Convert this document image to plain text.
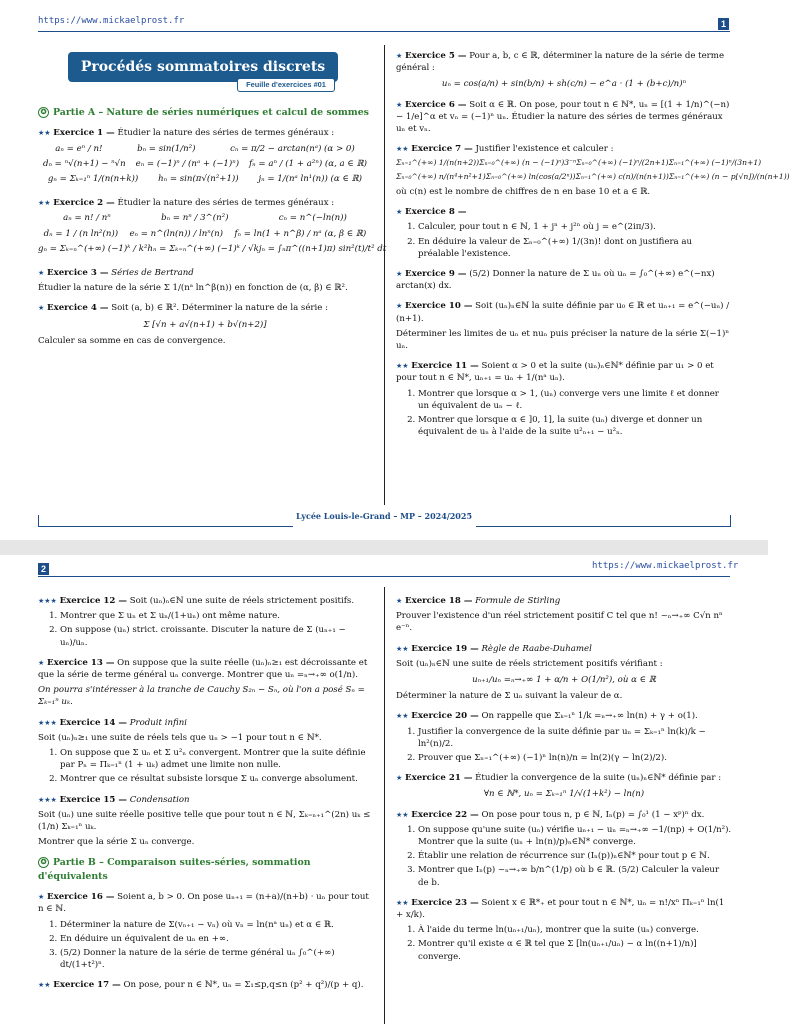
https://www.mickaelprost.fr	1
Procédés sommatoires discrets
Feuille d'exercices #01
✪ Partie A – Nature de séries numériques et calcul de sommes

★★ Exercice 1 — Étudier la nature des séries de termes généraux :

aₙ = eⁿ / n!	bₙ = sin(1/n²)	cₙ = π/2 − arctan(nᵃ) (α > 0)
dₙ = ⁿ√(n+1) − ⁿ√n eₙ = (−1)ⁿ / (nᵃ + (−1)ⁿ) fₙ = aⁿ / (1 + a²ⁿ) (α, a ∈ ℝ)
gₙ = Σₖ₌₁ⁿ 1/(n(n+k)) hₙ = sin(π√(n²+1)) jₙ = 1/(nᵃ ln¹(n)) (α ∈ ℝ)

★★ Exercice 2 — Étudier la nature des séries de termes généraux :

aₙ = n! / nⁿ	bₙ = nⁿ / 3^(n²)	cₙ = n^(−ln(n))
dₙ = 1 / (n ln²(n)) eₙ = n^(ln(n)) / lnⁿ(n) fₙ = ln(1 + n^β) / nᵃ (α, β ∈ ℝ)
gₙ = Σₖ₌ₙ^(+∞) (−1)ᵏ / k² hₙ = Σₖ₌ₙ^(+∞) (−1)ᵏ / √k jₙ = ∫ₙπ^((n+1)π) sin²(t)/t² dt

★ Exercice 3 — Séries de Bertrand

Étudier la nature de la série Σ 1/(nᵃ ln^β(n)) en fonction de (α, β) ∈ ℝ².

★ Exercice 4 — Soit (a, b) ∈ ℝ². Déterminer la nature de la série :

Σ [√n + a√(n+1) + b√(n+2)]

Calculer sa somme en cas de convergence.

★ Exercice 5 — Pour a, b, c ∈ ℝ, déterminer la nature de la série de terme général :

uₙ = cos(a/n) + sin(b/n) + sh(c/n) − e^a · (1 + (b+c)/n)ⁿ

★ Exercice 6 — Soit α ∈ ℝ. On pose, pour tout n ∈ ℕ*, uₙ = [(1 + 1/n)^(−n) − 1/e]^α et vₙ = (−1)ⁿ uₙ. Étudier la nature des séries de termes généraux uₙ et vₙ.

★★ Exercice 7 — Justifier l'existence et calculer :

Σₙ₌₁^(+∞) 1/(n(n+2)) Σₙ₌₀^(+∞) (n − (−1)ⁿ)3⁻ⁿ Σₙ₌₀^(+∞) (−1)ⁿ/(2n+1) Σₙ₌₁^(+∞) (−1)ⁿ/(3n+1)
Σₙ₌₀^(+∞) n/(n⁴+n²+1) Σₙ₌₀^(+∞) ln(cos(a/2ⁿ)) Σₙ₌₁^(+∞) c(n)/(n(n+1)) Σₙ₌₁^(+∞) (n − p⌊√n⌋)/(n(n+1))

où c(n) est le nombre de chiffres de n en base 10 et a ∈ ℝ.

★ Exercice 8 —

1. Calculer, pour tout n ∈ ℕ, 1 + jⁿ + j²ⁿ où j = e^(2iπ/3).
2. En déduire la valeur de Σₙ₌₀^(+∞) 1/(3n)! dont on justifiera au préalable l'existence.

★ Exercice 9 — (5/2) Donner la nature de Σ uₙ où uₙ = ∫₀^(+∞) e^(−nx) arctan(x) dx.

★ Exercice 10 — Soit (uₙ)ₙ∈ℕ la suite définie par u₀ ∈ ℝ et uₙ₊₁ = e^(−uₙ) / (n+1).

Déterminer les limites de uₙ et nuₙ puis préciser la nature de la série Σ(−1)ⁿ uₙ.

★★ Exercice 11 — Soient α > 0 et la suite (uₙ)ₙ∈ℕ* définie par u₁ > 0 et pour tout n ∈ ℕ*, uₙ₊₁ = uₙ + 1/(nᵃ uₙ).

1. Montrer que lorsque α > 1, (uₙ) converge vers une limite ℓ et donner un équivalent de uₙ − ℓ.
2. Montrer que lorsque α ∈ ]0, 1], la suite (uₙ) diverge et donner un équivalent de uₙ à l'aide de la suite u²ₙ₊₁ − u²ₙ.
Lycée Louis-le-Grand – MP – 2024/2025
2	https://www.mickaelprost.fr

★★★ Exercice 12 — Soit (uₙ)ₙ∈ℕ une suite de réels strictement positifs.

1. Montrer que Σ uₙ et Σ uₙ/(1+uₙ) ont même nature.
2. On suppose (uₙ) strict. croissante. Discuter la nature de Σ (uₙ₊₁ − uₙ)/uₙ.

★ Exercice 13 — On suppose que la suite réelle (uₙ)ₙ≥₁ est décroissante et que la série de terme général uₙ converge. Montrer que uₙ =ₙ→₊∞ o(1/n).

On pourra s'intéresser à la tranche de Cauchy S₂ₙ − Sₙ, où l'on a posé Sₙ = Σₖ₌₁ⁿ uₖ.

★★★ Exercice 14 — Produit infini

Soit (uₙ)ₙ≥₁ une suite de réels tels que uₙ > −1 pour tout n ∈ ℕ*.

1. On suppose que Σ uₙ et Σ u²ₙ convergent. Montrer que la suite définie par Pₙ = Πₖ₌₁ⁿ (1 + uₖ) admet une limite non nulle.
2. Montrer que ce résultat subsiste lorsque Σ uₙ converge absolument.

★★★ Exercice 15 — Condensation

Soit (uₙ) une suite réelle positive telle que pour tout n ∈ ℕ, Σₖ₌ₙ₊₁^(2n) uₖ ≤ (1/n) Σₖ₌₁ⁿ uₖ.

Montrer que la série Σ uₙ converge.

✪ Partie B – Comparaison suites-séries, sommation d'équivalents

★ Exercice 16 — Soient a, b > 0. On pose uₙ₊₁ = (n+a)/(n+b) · uₙ pour tout n ∈ ℕ.

1. Déterminer la nature de Σ(vₙ₊₁ − vₙ) où vₙ = ln(nᵃ uₙ) et α ∈ ℝ.
2. En déduire un équivalent de uₙ en +∞.
3. (5/2) Donner la nature de la série de terme général uₙ ∫₀^(+∞) dt/(1+t²)ⁿ.

★★ Exercice 17 — On pose, pour n ∈ ℕ*, uₙ = Σ₁≤p,q≤n (p² + q²)/(p + q).

★ Exercice 18 — Formule de Stirling

Prouver l'existence d'un réel strictement positif C tel que n! ~ₙ→₊∞ C√n nⁿ e⁻ⁿ.

★★ Exercice 19 — Règle de Raabe-Duhamel

Soit (uₙ)ₙ∈ℕ une suite de réels strictement positifs vérifiant :

uₙ₊₁/uₙ =ₙ→₊∞ 1 + α/n + O(1/n²), où α ∈ ℝ

Déterminer la nature de Σ uₙ suivant la valeur de α.

★★ Exercice 20 — On rappelle que Σₖ₌₁ⁿ 1/k =ₙ→₊∞ ln(n) + γ + o(1).

1. Justifier la convergence de la suite définie par uₙ = Σₖ₌₁ⁿ ln(k)/k − ln²(n)/2.
2. Prouver que Σₙ₌₁^(+∞) (−1)ⁿ ln(n)/n = ln(2)(γ − ln(2)/2).

★ Exercice 21 — Étudier la convergence de la suite (uₙ)ₙ∈ℕ* définie par :

∀n ∈ ℕ*, uₙ = Σₖ₌₁ⁿ 1/√(1+k²) − ln(n)

★★ Exercice 22 — On pose pour tous n, p ∈ ℕ, Iₙ(p) = ∫₀¹ (1 − xᵖ)ⁿ dx.

1. On suppose qu'une suite (uₙ) vérifie uₙ₊₁ − uₙ =ₙ→₊∞ −1/(np) + O(1/n²). Montrer que la suite (uₙ + ln(n)/p)ₙ∈ℕ* converge.
2. Établir une relation de récurrence sur (Iₙ(p))ₙ∈ℕ* pour tout p ∈ ℕ.
3. Montrer que Iₙ(p) ~ₙ→₊∞ b/n^(1/p) où b ∈ ℝ. (5/2) Calculer la valeur de b.

★★ Exercice 23 — Soient x ∈ ℝ*₊ et pour tout n ∈ ℕ*, uₙ = n!/xⁿ Πₖ₌₁ⁿ ln(1 + x/k).

1. À l'aide du terme ln(uₙ₊₁/uₙ), montrer que la suite (uₙ) converge.
2. Montrer qu'il existe α ∈ ℝ tel que Σ [ln(uₙ₊₁/uₙ) − α ln((n+1)/n)] converge.
